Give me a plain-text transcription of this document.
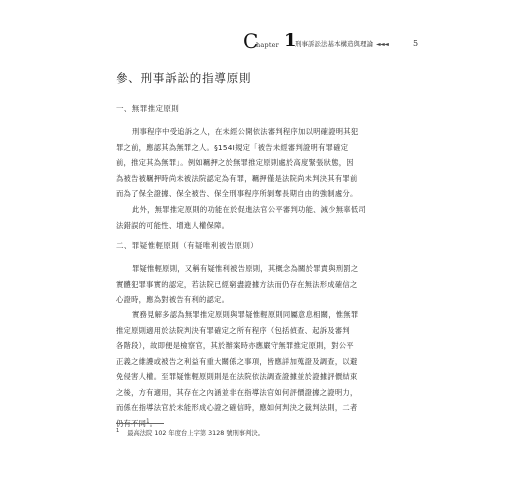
C
hapter 1
刑事訴訟法基本構造與理論 ◄◄◄	5
參、刑事訴訟的指導原則
一、無罪推定原則
刑事程序中受追訴之人，在未經公開依法審判程序加以明確證明其犯
罪之前，應認其為無罪之人。§154Ⅰ規定「被告未經審判證明有罪確定
前，推定其為無罪」。例如羈押之於無罪推定原則處於高度緊張狀態，因
為被告被羈押時尚未被法院認定為有罪，羈押僅是法院尚未判決其有罪前
而為了保全證據、保全被告、保全刑事程序所剝奪長期自由的強制處分。
此外，無罪推定原則的功能在於促進法官公平審判功能、減少無辜低司
法錯誤的可能性、增進人權保障。
二、罪疑惟輕原則（有疑唯利被告原則）
罪疑惟輕原則，又稱有疑惟利被告原則，其概念為關於罪責與刑罰之
實體犯罪事實的認定，若法院已經窮盡證據方法而仍存在無法形成確信之
心證時，應為對被告有利的認定。
實務見解多認為無罪推定原則與罪疑惟輕原則同屬意息相關，惟無罪
推定原則適用於法院判決有罪確定之所有程序（包括偵查、起訴及審判
各階段），故即便是檢察官，其於辦案時亦應嚴守無罪推定原則，對公平
正義之維護或被告之利益有重大關係之事項，皆應詳加蒐證及調查，以避
免侵害人權。至罪疑惟輕原則則是在法院依法調查證據並於證據評價結束
之後，方有適用，其存在之內涵並非在指導法官如何評價證據之證明力，
而係在指導法官於未能形成心證之確信時，應如何判決之裁判法則，二者
仍有不同$^1$。
$^1$ 最高法院 102 年度台上字第 3128 號刑事判決。
